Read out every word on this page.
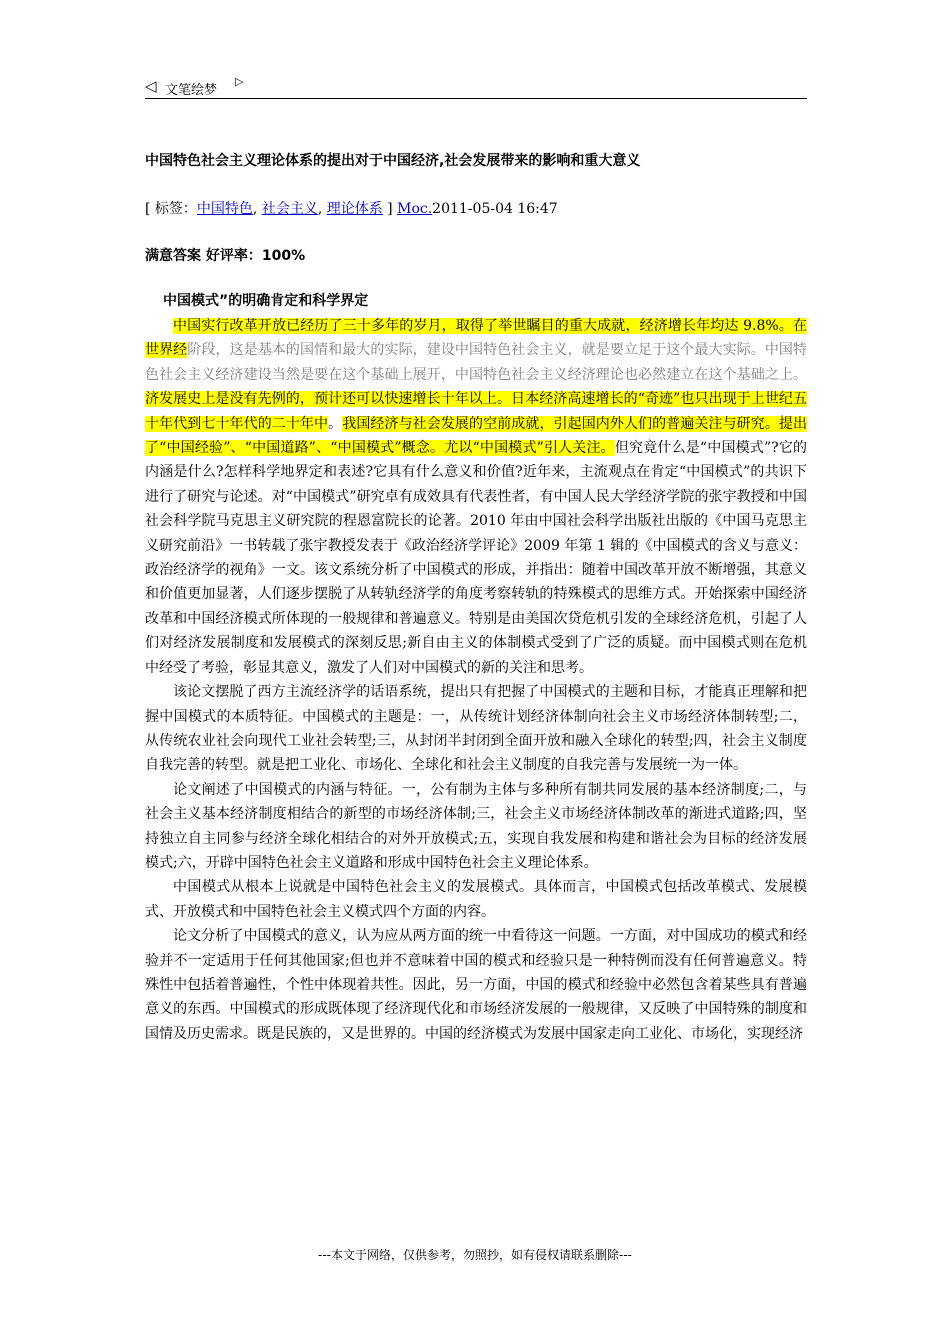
◁ 文笔绘梦
▷
中国特色社会主义理论体系的提出对于中国经济,社会发展带来的影响和重大意义
[ 标签：中国特色, 社会主义, 理论体系 ] Moc.2011-05-04 16:47
满意答案 好评率：100%
中国模式”的明确肯定和科学界定

中国实行改革开放已经历了三十多年的岁月，取得了举世瞩目的重大成就，经济增长年均达 9.8%。在世界经阶段，这是基本的国情和最大的实际，建设中国特色社会主义，就是要立足于这个最大实际。中国特色社会主义经济建设当然是要在这个基础上展开，中国特色社会主义经济理论也必然建立在这个基础之上。济发展史上是没有先例的，预计还可以快速增长十年以上。日本经济高速增长的“奇迹”也只出现于上世纪五十年代到七十年代的二十年中。我国经济与社会发展的空前成就，引起国内外人们的普遍关注与研究。提出了“中国经验”、“中国道路”、“中国模式”概念。尤以“中国模式”引人关注。但究竟什么是“中国模式”?它的内涵是什么?怎样科学地界定和表述?它具有什么意义和价值?近年来，主流观点在肯定“中国模式”的共识下进行了研究与论述。对“中国模式”研究卓有成效具有代表性者，有中国人民大学经济学院的张宇教授和中国社会科学院马克思主义研究院的程恩富院长的论著。2010 年由中国社会科学出版社出版的《中国马克思主义研究前沿》一书转载了张宇教授发表于《政治经济学评论》2009 年第 1 辑的《中国模式的含义与意义：政治经济学的视角》一文。该文系统分析了中国模式的形成，并指出：随着中国改革开放不断增强，其意义和价值更加显著，人们逐步摆脱了从转轨经济学的角度考察转轨的特殊模式的思维方式。开始探索中国经济改革和中国经济模式所体现的一般规律和普遍意义。特别是由美国次贷危机引发的全球经济危机，引起了人们对经济发展制度和发展模式的深刻反思;新自由主义的体制模式受到了广泛的质疑。而中国模式则在危机中经受了考验，彰显其意义，激发了人们对中国模式的新的关注和思考。

该论文摆脱了西方主流经济学的话语系统，提出只有把握了中国模式的主题和目标，才能真正理解和把握中国模式的本质特征。中国模式的主题是：一，从传统计划经济体制向社会主义市场经济体制转型;二，从传统农业社会向现代工业社会转型;三，从封闭半封闭到全面开放和融入全球化的转型;四，社会主义制度自我完善的转型。就是把工业化、市场化、全球化和社会主义制度的自我完善与发展统一为一体。

论文阐述了中国模式的内涵与特征。一，公有制为主体与多种所有制共同发展的基本经济制度;二，与社会主义基本经济制度相结合的新型的市场经济体制;三，社会主义市场经济体制改革的渐进式道路;四，坚持独立自主同参与经济全球化相结合的对外开放模式;五，实现自我发展和构建和谐社会为目标的经济发展模式;六，开辟中国特色社会主义道路和形成中国特色社会主义理论体系。

中国模式从根本上说就是中国特色社会主义的发展模式。具体而言，中国模式包括改革模式、发展模式、开放模式和中国特色社会主义模式四个方面的内容。

论文分析了中国模式的意义，认为应从两方面的统一中看待这一问题。一方面，对中国成功的模式和经验并不一定适用于任何其他国家;但也并不意味着中国的模式和经验只是一种特例而没有任何普遍意义。特殊性中包括着普遍性，个性中体现着共性。因此，另一方面，中国的模式和经验中必然包含着某些具有普遍意义的东西。中国模式的形成既体现了经济现代化和市场经济发展的一般规律，又反映了中国特殊的制度和国情及历史需求。既是民族的，又是世界的。中国的经济模式为发展中国家走向工业化、市场化，实现经济

---本文于网络，仅供参考，勿照抄，如有侵权请联系删除---
